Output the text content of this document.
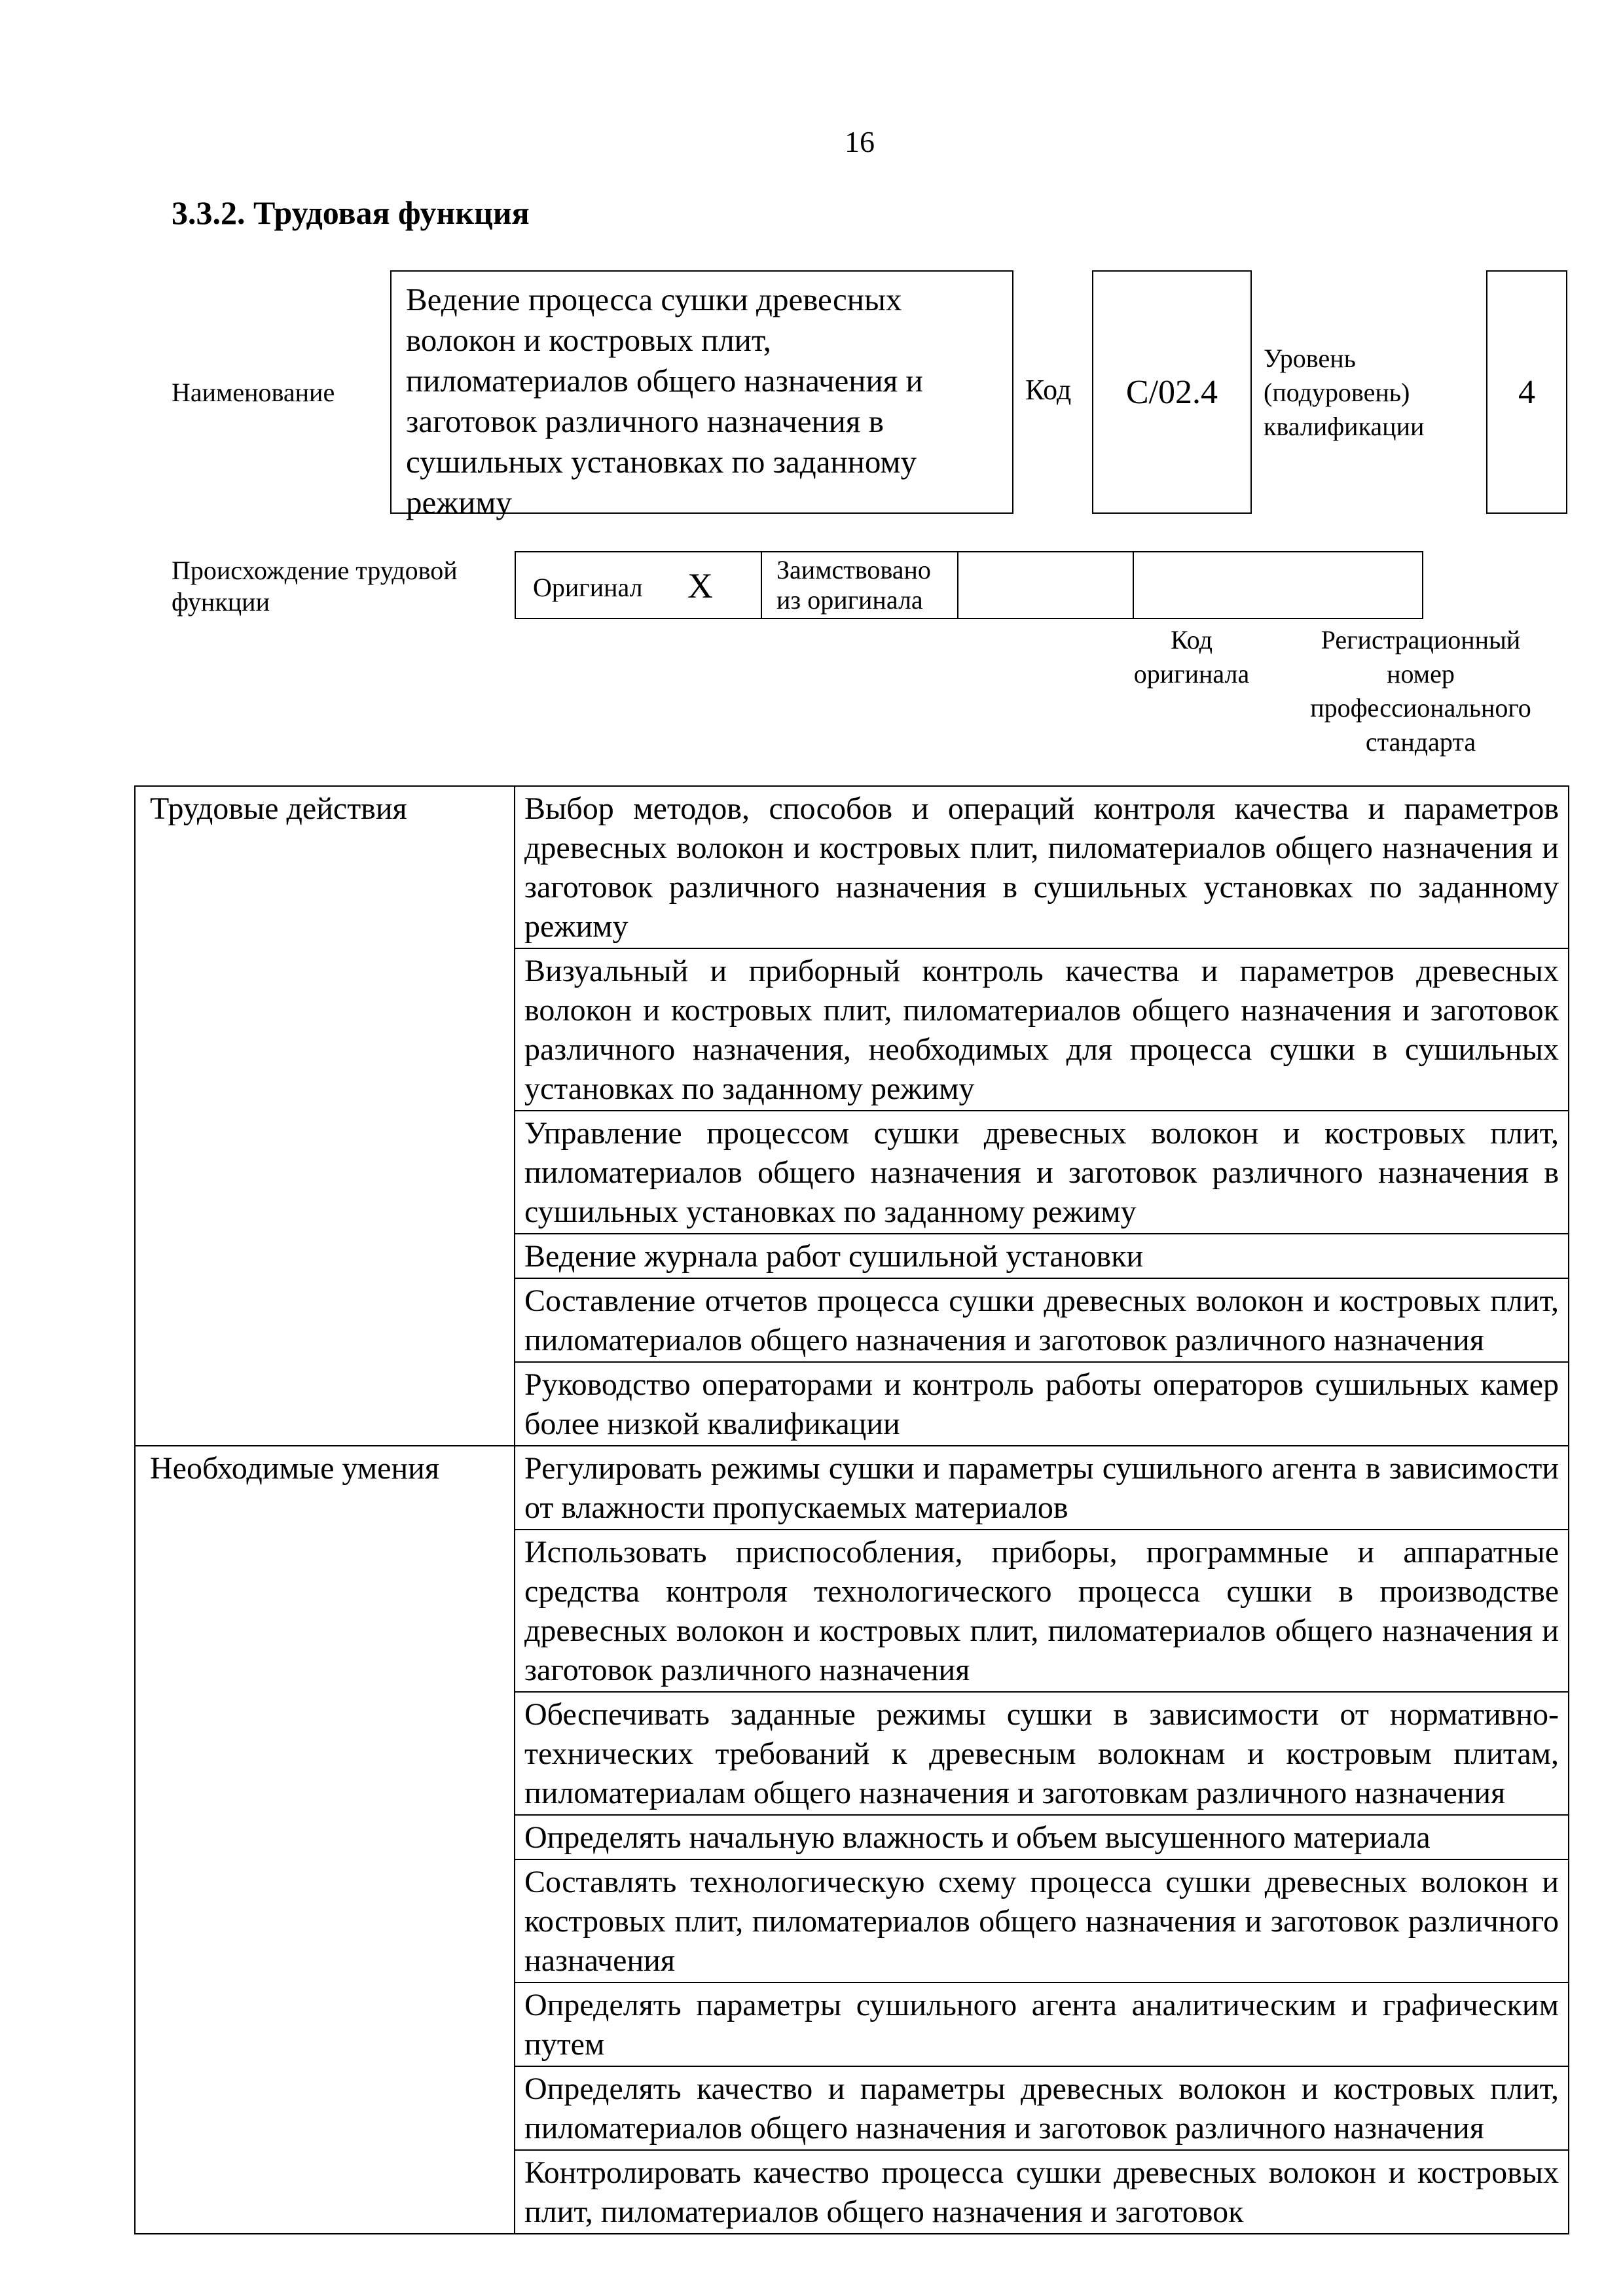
16
3.3.2. Трудовая функция
Наименование
Ведение процесса сушки древесных волокон и костровых плит, пиломатериалов общего назначения и заготовок различного назначения в сушильных установках по заданному режиму
Код С/02.4
Уровень
(подуровень)
квалификации
4
Происхождение трудовой функции	Оригинал X Заимствовано из оригинала
Код оригинала
Регистрационный номер профессионального стандарта
Трудовые действия	Выбор методов, способов и операций контроля качества и параметров древесных волокон и костровых плит, пиломатериалов общего назначения и заготовок различного назначения в сушильных установках по заданному режиму
	Визуальный и приборный контроль качества и параметров древесных волокон и костровых плит, пиломатериалов общего назначения и заготовок различного назначения, необходимых для процесса сушки в сушильных установках по заданному режиму
	Управление процессом сушки древесных волокон и костровых плит, пиломатериалов общего назначения и заготовок различного назначения в сушильных установках по заданному режиму
	Ведение журнала работ сушильной установки
	Составление отчетов процесса сушки древесных волокон и костровых плит, пиломатериалов общего назначения и заготовок различного назначения
	Руководство операторами и контроль работы операторов сушильных камер более низкой квалификации
Необходимые умения	Регулировать режимы сушки и параметры сушильного агента в зависимости от влажности пропускаемых материалов
	Использовать приспособления, приборы, программные и аппаратные средства контроля технологического процесса сушки в производстве древесных волокон и костровых плит, пиломатериалов общего назначения и заготовок различного назначения
	Обеспечивать заданные режимы сушки в зависимости от нормативно-технических требований к древесным волокнам и костровым плитам, пиломатериалам общего назначения и заготовкам различного назначения
	Определять начальную влажность и объем высушенного материала
	Составлять технологическую схему процесса сушки древесных волокон и костровых плит, пиломатериалов общего назначения и заготовок различного назначения
	Определять параметры сушильного агента аналитическим и графическим путем
	Определять качество и параметры древесных волокон и костровых плит, пиломатериалов общего назначения и заготовок различного назначения
	Контролировать качество процесса сушки древесных волокон и костровых плит, пиломатериалов общего назначения и заготовок
